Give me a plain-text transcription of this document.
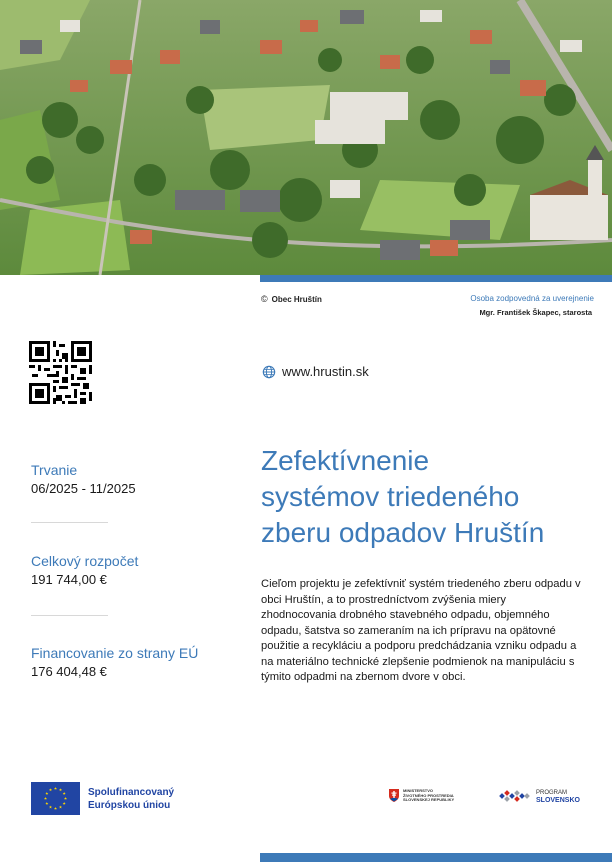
© Obec Hruštín	Osoba zodpovedná za uverejnenie
Mgr. František Škapec, starosta
www.hrustin.sk
Trvanie
06/2025 - 11/2025
Celkový rozpočet
191 744,00 €
Financovanie zo strany EÚ
176 404,48 €
Zefektívnenie
systémov triedeného
zberu odpadov Hruštín
Cieľom projektu je zefektívniť systém triedeného zberu odpadu v obci Hruštín, a to prostredníctvom zvýšenia miery zhodnocovania drobného stavebného odpadu, objemného odpadu, šatstva so zameraním na ich prípravu na opätovné použitie a recykláciu a podporu predchádzania vzniku odpadu a na materiálno technické zlepšenie podmienok na manipuláciu s týmito odpadmi na zbernom dvore v obci.
Spolufinancovaný
Európskou úniou
MINISTERSTVO
ŽIVOTNÉHO PROSTREDIA
SLOVENSKEJ REPUBLIKY
PROGRAM
SLOVENSKO
